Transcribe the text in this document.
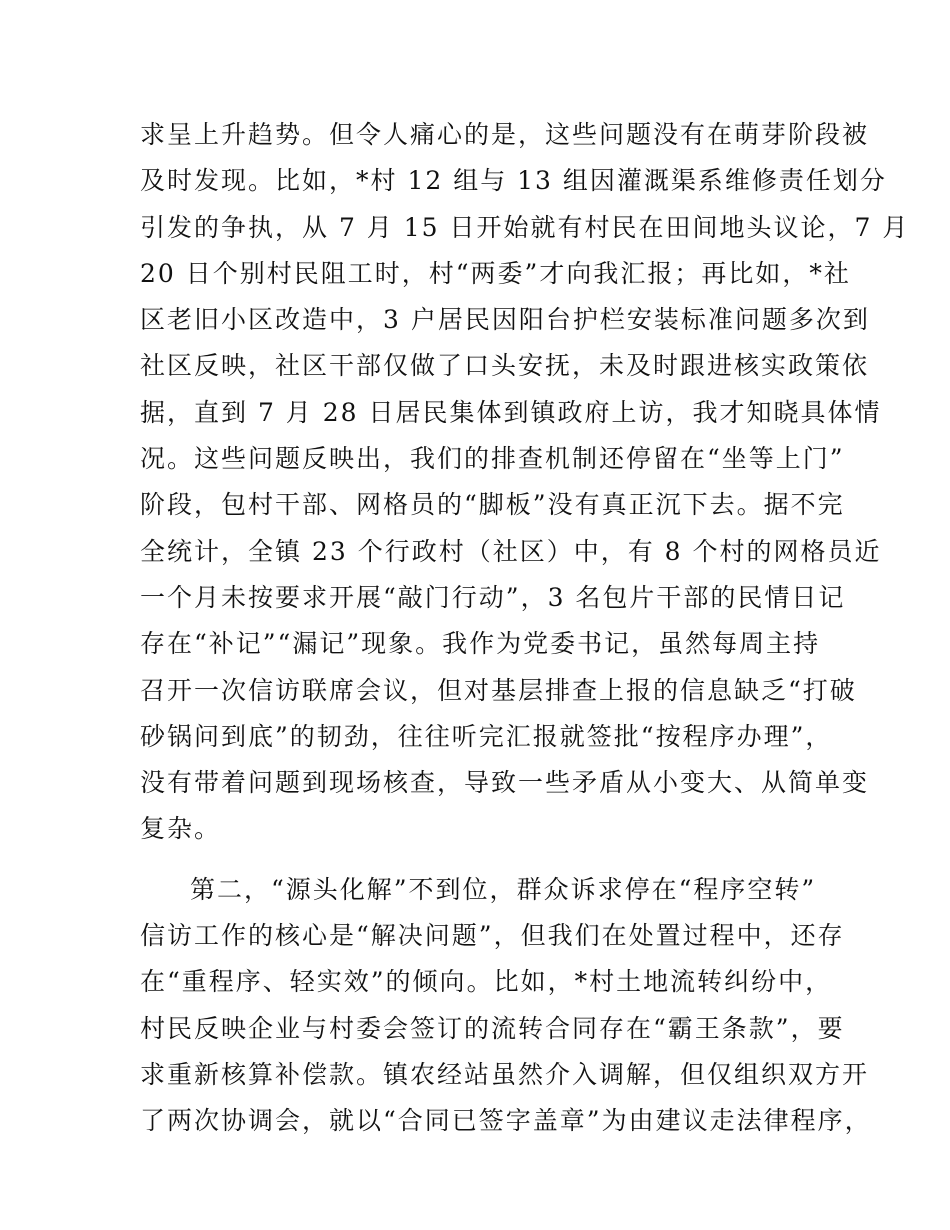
求呈上升趋势。但令人痛心的是，这些问题没有在萌芽阶段被
及时发现。比如，*村 12 组与 13 组因灌溉渠系维修责任划分
引发的争执，从 7 月 15 日开始就有村民在田间地头议论，7 月
20 日个别村民阻工时，村“两委”才向我汇报；再比如，*社
区老旧小区改造中，3 户居民因阳台护栏安装标准问题多次到
社区反映，社区干部仅做了口头安抚，未及时跟进核实政策依
据，直到 7 月 28 日居民集体到镇政府上访，我才知晓具体情
况。这些问题反映出，我们的排查机制还停留在“坐等上门”
阶段，包村干部、网格员的“脚板”没有真正沉下去。据不完
全统计，全镇 23 个行政村（社区）中，有 8 个村的网格员近
一个月未按要求开展“敲门行动”，3 名包片干部的民情日记
存在“补记”“漏记”现象。我作为党委书记，虽然每周主持
召开一次信访联席会议，但对基层排查上报的信息缺乏“打破
砂锅问到底”的韧劲，往往听完汇报就签批“按程序办理”，
没有带着问题到现场核查，导致一些矛盾从小变大、从简单变
复杂。
第二，“源头化解”不到位，群众诉求停在“程序空转”
信访工作的核心是“解决问题”，但我们在处置过程中，还存
在“重程序、轻实效”的倾向。比如，*村土地流转纠纷中，
村民反映企业与村委会签订的流转合同存在“霸王条款”，要
求重新核算补偿款。镇农经站虽然介入调解，但仅组织双方开
了两次协调会，就以“合同已签字盖章”为由建议走法律程序，
